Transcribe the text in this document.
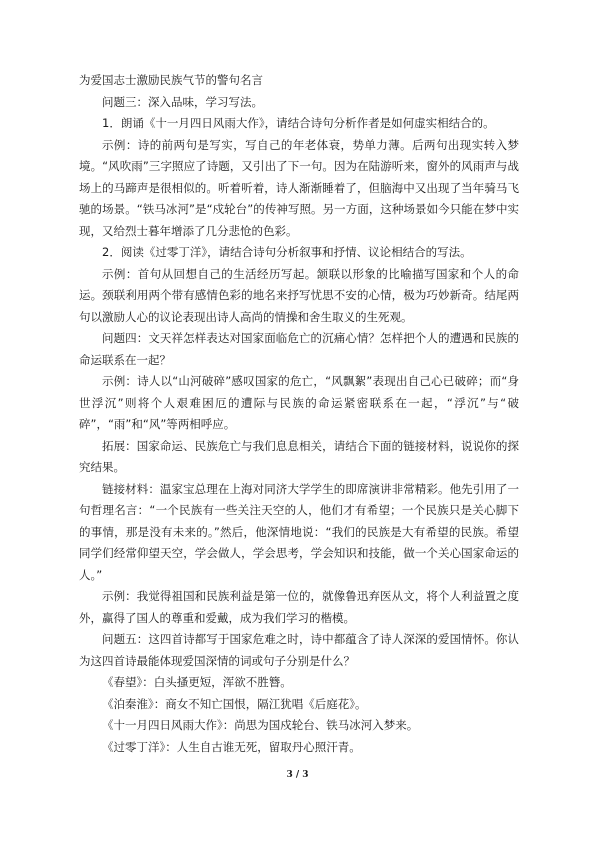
为爱国志士激励民族气节的警句名言

问题三：深入品味，学习写法。

1．朗诵《十一月四日风雨大作》，请结合诗句分析作者是如何虚实相结合的。

示例：诗的前两句是写实，写自己的年老体衰，势单力薄。后两句出现实转入梦境。“风吹雨”三字照应了诗题，又引出了下一句。因为在陆游听来，窗外的风雨声与战场上的马蹄声是很相似的。听着听着，诗人渐渐睡着了，但脑海中又出现了当年骑马飞驰的场景。“铁马冰河”是“戍轮台”的传神写照。另一方面，这种场景如今只能在梦中实现，又给烈士暮年增添了几分悲怆的色彩。

2．阅读《过零丁洋》，请结合诗句分析叙事和抒情、议论相结合的写法。

示例：首句从回想自己的生活经历写起。颔联以形象的比喻描写国家和个人的命运。颈联利用两个带有感情色彩的地名来抒写忧思不安的心情，极为巧妙新奇。结尾两句以激励人心的议论表现出诗人高尚的情操和舍生取义的生死观。

问题四：文天祥怎样表达对国家面临危亡的沉痛心情？怎样把个人的遭遇和民族的命运联系在一起？

示例：诗人以“山河破碎”感叹国家的危亡，“风飘絮”表现出自己心已破碎；而“身世浮沉”则将个人艰难困厄的遭际与民族的命运紧密联系在一起，“浮沉”与“破碎”，“雨”和“风”等两相呼应。

拓展：国家命运、民族危亡与我们息息相关，请结合下面的链接材料，说说你的探究结果。

链接材料：温家宝总理在上海对同济大学学生的即席演讲非常精彩。他先引用了一句哲理名言：“一个民族有一些关注天空的人，他们才有希望；一个民族只是关心脚下的事情，那是没有未来的。”然后，他深情地说：“我们的民族是大有希望的民族。希望同学们经常仰望天空，学会做人，学会思考，学会知识和技能，做一个关心国家命运的人。”

示例：我觉得祖国和民族利益是第一位的，就像鲁迅弃医从文，将个人利益置之度外，赢得了国人的尊重和爱戴，成为我们学习的楷模。

问题五：这四首诗都写于国家危难之时，诗中都蕴含了诗人深深的爱国情怀。你认为这四首诗最能体现爱国深情的词或句子分别是什么？

《春望》：白头搔更短，浑欲不胜簪。

《泊秦淮》：商女不知亡国恨，隔江犹唱《后庭花》。

《十一月四日风雨大作》：尚思为国戍轮台、铁马冰河入梦来。

《过零丁洋》：人生自古谁无死，留取丹心照汗青。

3 / 3
